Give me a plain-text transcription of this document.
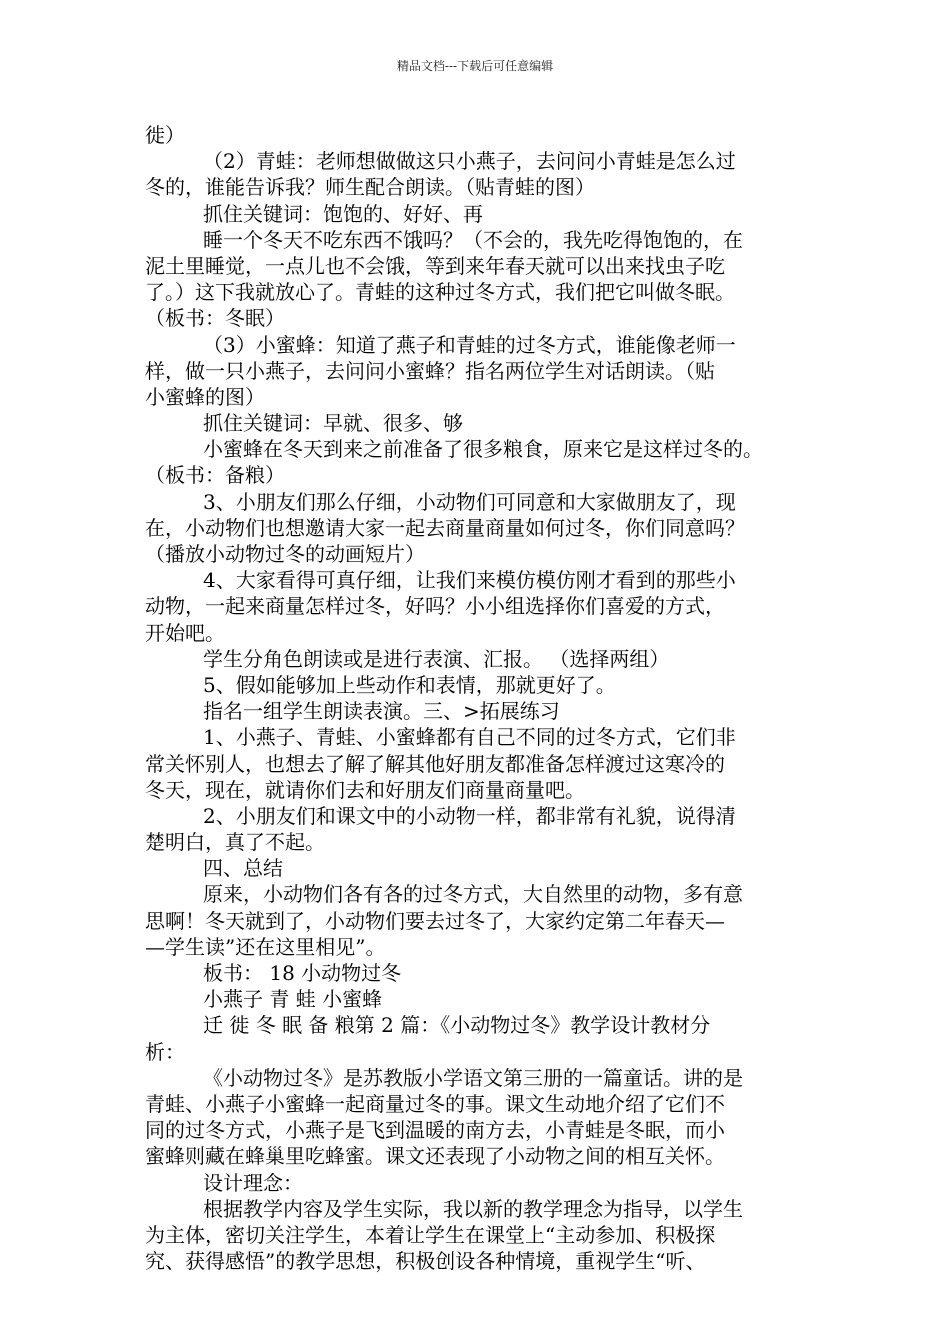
精品文档---下载后可任意编辑
徙）
（2）青蛙：老师想做做这只小燕子，去问问小青蛙是怎么过
冬的，谁能告诉我？师生配合朗读。（贴青蛙的图）
抓住关键词：饱饱的、好好、再
睡一个冬天不吃东西不饿吗？（不会的，我先吃得饱饱的，在
泥土里睡觉，一点儿也不会饿，等到来年春天就可以出来找虫子吃
了。）这下我就放心了。青蛙的这种过冬方式，我们把它叫做冬眠。
（板书：冬眠）
（3）小蜜蜂：知道了燕子和青蛙的过冬方式，谁能像老师一
样，做一只小燕子，去问问小蜜蜂？指名两位学生对话朗读。（贴
小蜜蜂的图）
抓住关键词：早就、很多、够
小蜜蜂在冬天到来之前准备了很多粮食，原来它是这样过冬的。
（板书：备粮）
3、小朋友们那么仔细，小动物们可同意和大家做朋友了，现
在，小动物们也想邀请大家一起去商量商量如何过冬，你们同意吗？
（播放小动物过冬的动画短片）
4、大家看得可真仔细，让我们来模仿模仿刚才看到的那些小
动物，一起来商量怎样过冬，好吗？小小组选择你们喜爱的方式，
开始吧。
学生分角色朗读或是进行表演、汇报。 （选择两组）
5、假如能够加上些动作和表情，那就更好了。
指名一组学生朗读表演。三、>拓展练习
1、小燕子、青蛙、小蜜蜂都有自己不同的过冬方式，它们非
常关怀别人，也想去了解了解其他好朋友都准备怎样渡过这寒冷的
冬天，现在，就请你们去和好朋友们商量商量吧。
2、小朋友们和课文中的小动物一样，都非常有礼貌，说得清
楚明白，真了不起。
四、总结
原来，小动物们各有各的过冬方式，大自然里的动物，多有意
思啊！冬天就到了，小动物们要去过冬了，大家约定第二年春天—
—学生读”还在这里相见”。
板书： 18 小动物过冬
小燕子 青 蛙 小蜜蜂
迁 徙 冬 眠 备 粮第 2 篇：《小动物过冬》教学设计教材分
析：
《小动物过冬》是苏教版小学语文第三册的一篇童话。讲的是
青蛙、小燕子小蜜蜂一起商量过冬的事。课文生动地介绍了它们不
同的过冬方式，小燕子是飞到温暖的南方去，小青蛙是冬眠，而小
蜜蜂则藏在蜂巢里吃蜂蜜。课文还表现了小动物之间的相互关怀。
设计理念：
根据教学内容及学生实际，我以新的教学理念为指导，以学生
为主体，密切关注学生，本着让学生在课堂上“主动参加、积极探
究、获得感悟”的教学思想，积极创设各种情境，重视学生“听、
